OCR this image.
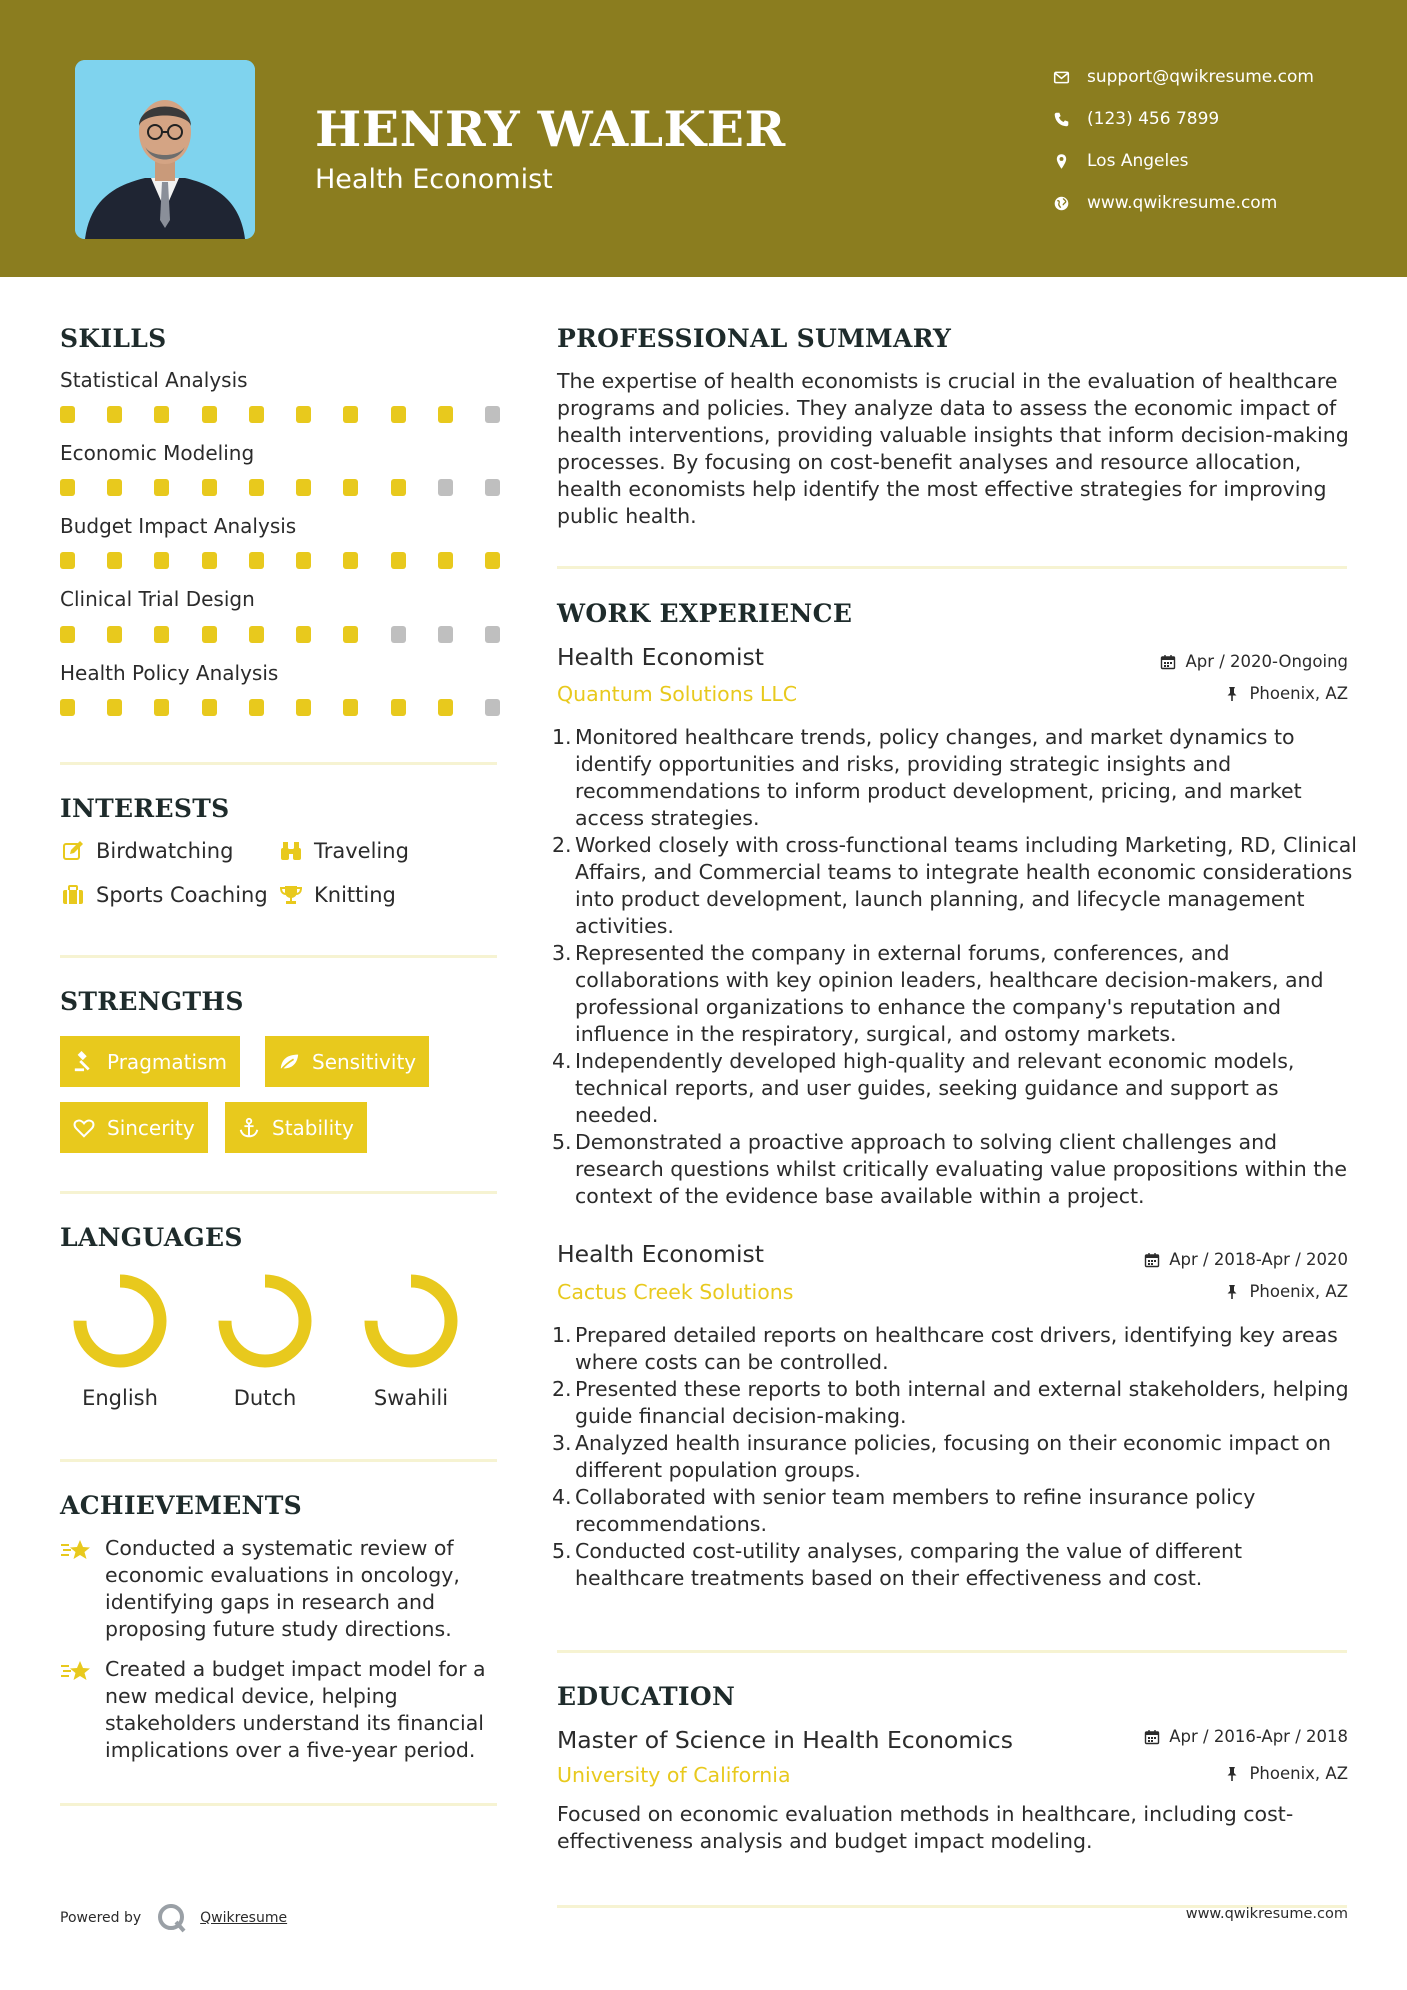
HENRY WALKER
Health Economist
support@qwikresume.com
(123) 456 7899
Los Angeles
www.qwikresume.com
SKILLS
Statistical Analysis
Economic Modeling
Budget Impact Analysis
Clinical Trial Design
Health Policy Analysis
INTERESTS
Birdwatching	Traveling
Sports Coaching Knitting
STRENGTHS
Pragmatism	Sensitivity
Sincerity	Stability
LANGUAGES
English	Dutch	Swahili
ACHIEVEMENTS
Conducted a systematic review of economic evaluations in oncology, identifying gaps in research and proposing future study directions.
Created a budget impact model for a new medical device, helping stakeholders understand its financial implications over a five-year period.
PROFESSIONAL SUMMARY
The expertise of health economists is crucial in the evaluation of healthcare programs and policies. They analyze data to assess the economic impact of health interventions, providing valuable insights that inform decision-making processes. By focusing on cost-benefit analyses and resource allocation, health economists help identify the most effective strategies for improving public health.
WORK EXPERIENCE
Health Economist	Apr / 2020-Ongoing
Quantum Solutions LLC	Phoenix, AZ
1. Monitored healthcare trends, policy changes, and market dynamics to identify opportunities and risks, providing strategic insights and recommendations to inform product development, pricing, and market access strategies.
2. Worked closely with cross-functional teams including Marketing, RD, Clinical Affairs, and Commercial teams to integrate health economic considerations into product development, launch planning, and lifecycle management activities.
3. Represented the company in external forums, conferences, and collaborations with key opinion leaders, healthcare decision-makers, and professional organizations to enhance the company's reputation and influence in the respiratory, surgical, and ostomy markets.
4. Independently developed high-quality and relevant economic models, technical reports, and user guides, seeking guidance and support as needed.
5. Demonstrated a proactive approach to solving client challenges and research questions whilst critically evaluating value propositions within the context of the evidence base available within a project.
Health Economist	Apr / 2018-Apr / 2020
Cactus Creek Solutions	Phoenix, AZ
1. Prepared detailed reports on healthcare cost drivers, identifying key areas where costs can be controlled.
2. Presented these reports to both internal and external stakeholders, helping guide financial decision-making.
3. Analyzed health insurance policies, focusing on their economic impact on different population groups.
4. Collaborated with senior team members to refine insurance policy recommendations.
5. Conducted cost-utility analyses, comparing the value of different healthcare treatments based on their effectiveness and cost.
EDUCATION
Master of Science in Health Economics	Apr / 2016-Apr / 2018
University of California	Phoenix, AZ
Focused on economic evaluation methods in healthcare, including cost-effectiveness analysis and budget impact modeling.
Powered by	Qwikresume	www.qwikresume.com
